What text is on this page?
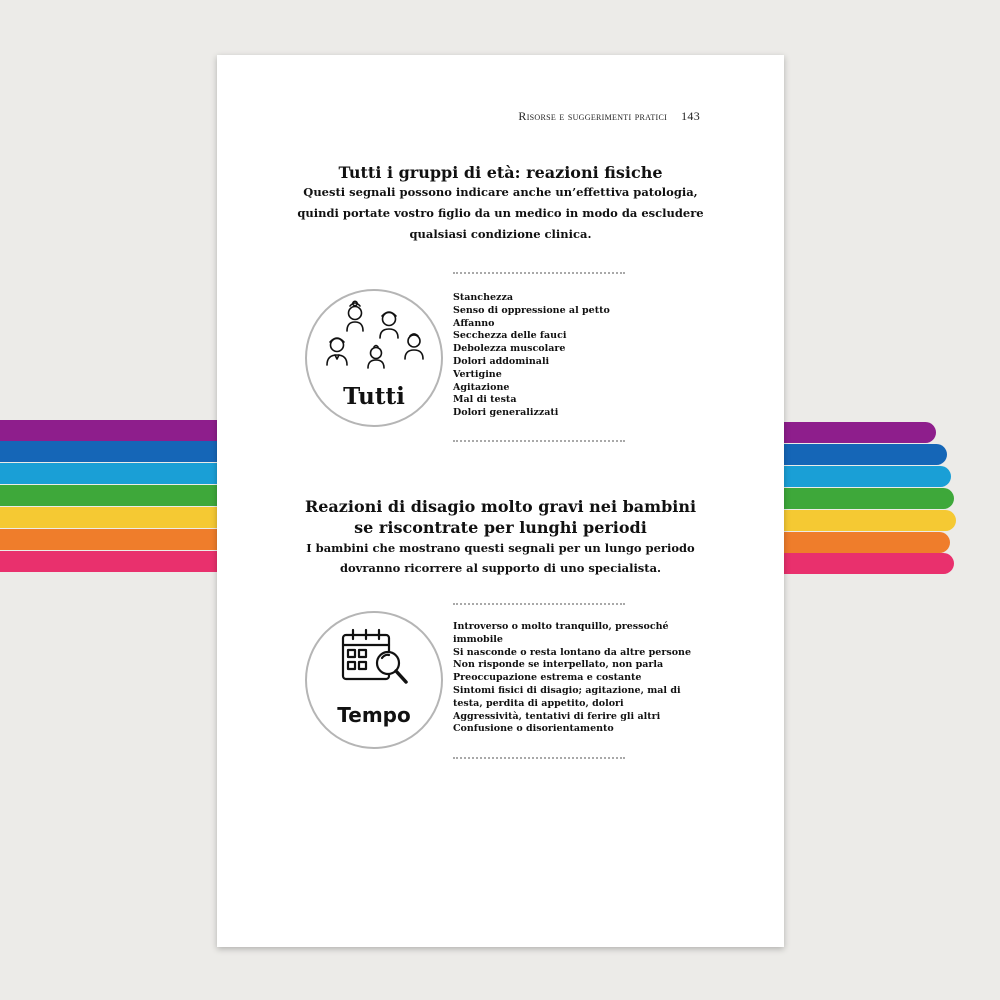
Risorse e suggerimenti pratici 143
Tutti i gruppi di età: reazioni fisiche
Questi segnali possono indicare anche un’effettiva patologia,
quindi portate vostro figlio da un medico in modo da escludere
qualsiasi condizione clinica.
Tutti
Stanchezza
Senso di oppressione al petto
Affanno
Secchezza delle fauci
Debolezza muscolare
Dolori addominali
Vertigine
Agitazione
Mal di testa
Dolori generalizzati
Reazioni di disagio molto gravi nei bambini
se riscontrate per lunghi periodi
I bambini che mostrano questi segnali per un lungo periodo
dovranno ricorrere al supporto di uno specialista.
Tempo
Introverso o molto tranquillo, pressoché
immobile
Si nasconde o resta lontano da altre persone
Non risponde se interpellato, non parla
Preoccupazione estrema e costante
Sintomi fisici di disagio; agitazione, mal di
testa, perdita di appetito, dolori
Aggressività, tentativi di ferire gli altri
Confusione o disorientamento
